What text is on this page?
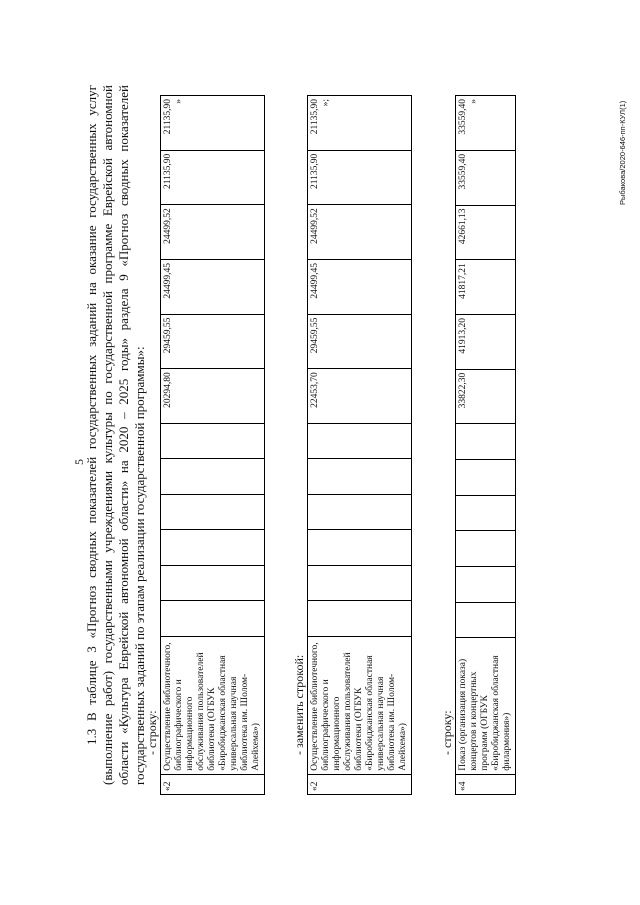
5

1.3 В таблице 3 «Прогноз сводных показателей государственных заданий на оказание государственных услуг (выполнение работ) государственными учреждениями культуры по государственной программе Еврейской автономной области «Культура Еврейской автономной области» на 2020 – 2025 годы» раздела 9 «Прогноз сводных показателей государственных заданий по этапам реализации государственной программы»:

- строку:
«2	Осуществление библиотечного, библиографического и информационного обслуживания пользователей библиотеки (ОГБУК «Биробиджанская областная универсальная научная библиотека им. Шолом-Алейхема»)							20294,80	29459,55	24499,45	24499,52	21135,90	21135,90 »
- заменить строкой:
«2	Осуществление библиотечного, библиографического и информационного обслуживания пользователей библиотеки (ОГБУК «Биробиджанская областная универсальная научная библиотека им. Шолом-Алейхема»)							22453,70	29459,55	24499,45	24499,52	21135,90	21135,90 »;
- строку:
«4	Показ (организация показа) концертов и концертных программ (ОГБУК «Биробиджанская областная филармония»)							33822,30	41913,20	41817,21	42661,13	33559,40	33559,40 »	Рыбакова/2020-646-пп-КУЛ(1)
